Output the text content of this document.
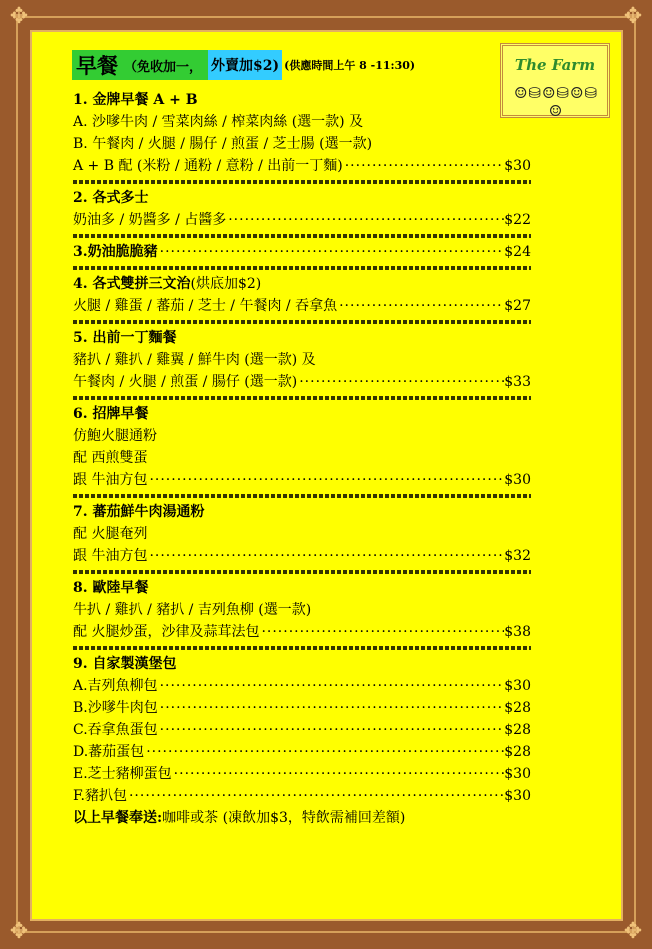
✥	✥
✥	✥
早餐 （免收加一， 外賣加$2) (供應時間上午 8 -11:30)	The Farm
☺⛁☺⛁☺⛁☺
1. 金牌早餐 A + B
A. 沙嗲牛肉 / 雪菜肉絲 / 榨菜肉絲 (選一款) 及
B. 午餐肉 / 火腿 / 腸仔 / 煎蛋 / 芝士腸 (選一款)
A + B 配 (米粉 / 通粉 / 意粉 / 出前一丁麵) ·····	$30
2. 各式多士
奶油多 / 奶醬多 / 占醬多 ·····	$22
3.奶油脆脆豬 ·····	$24
4. 各式雙拼三文治 (烘底加$2)
火腿 / 雞蛋 / 蕃茄 / 芝士 / 午餐肉 / 吞拿魚 ·····	$27
5. 出前一丁麵餐
豬扒 / 雞扒 / 雞翼 / 鮮牛肉 (選一款) 及
午餐肉 / 火腿 / 煎蛋 / 腸仔 (選一款) ·····	$33
6. 招牌早餐
仿鮑火腿通粉
配 西煎雙蛋
跟 牛油方包 ·····	$30
7. 蕃茄鮮牛肉湯通粉
配 火腿奄列
跟 牛油方包 ·····	$32
8. 歐陸早餐
牛扒 / 雞扒 / 豬扒 / 吉列魚柳 (選一款)
配 火腿炒蛋，沙律及蒜茸法包 ·····	$38
9. 自家製漢堡包
A.吉列魚柳包 ·····	$30
B.沙嗲牛肉包 ·····	$28
C.吞拿魚蛋包 ·····	$28
D.蕃茄蛋包 ·····	$28
E.芝士豬柳蛋包 ·····	$30
F.豬扒包 ·····	$30
以上早餐奉送: 咖啡或茶 (凍飲加$3，特飲需補回差額)
